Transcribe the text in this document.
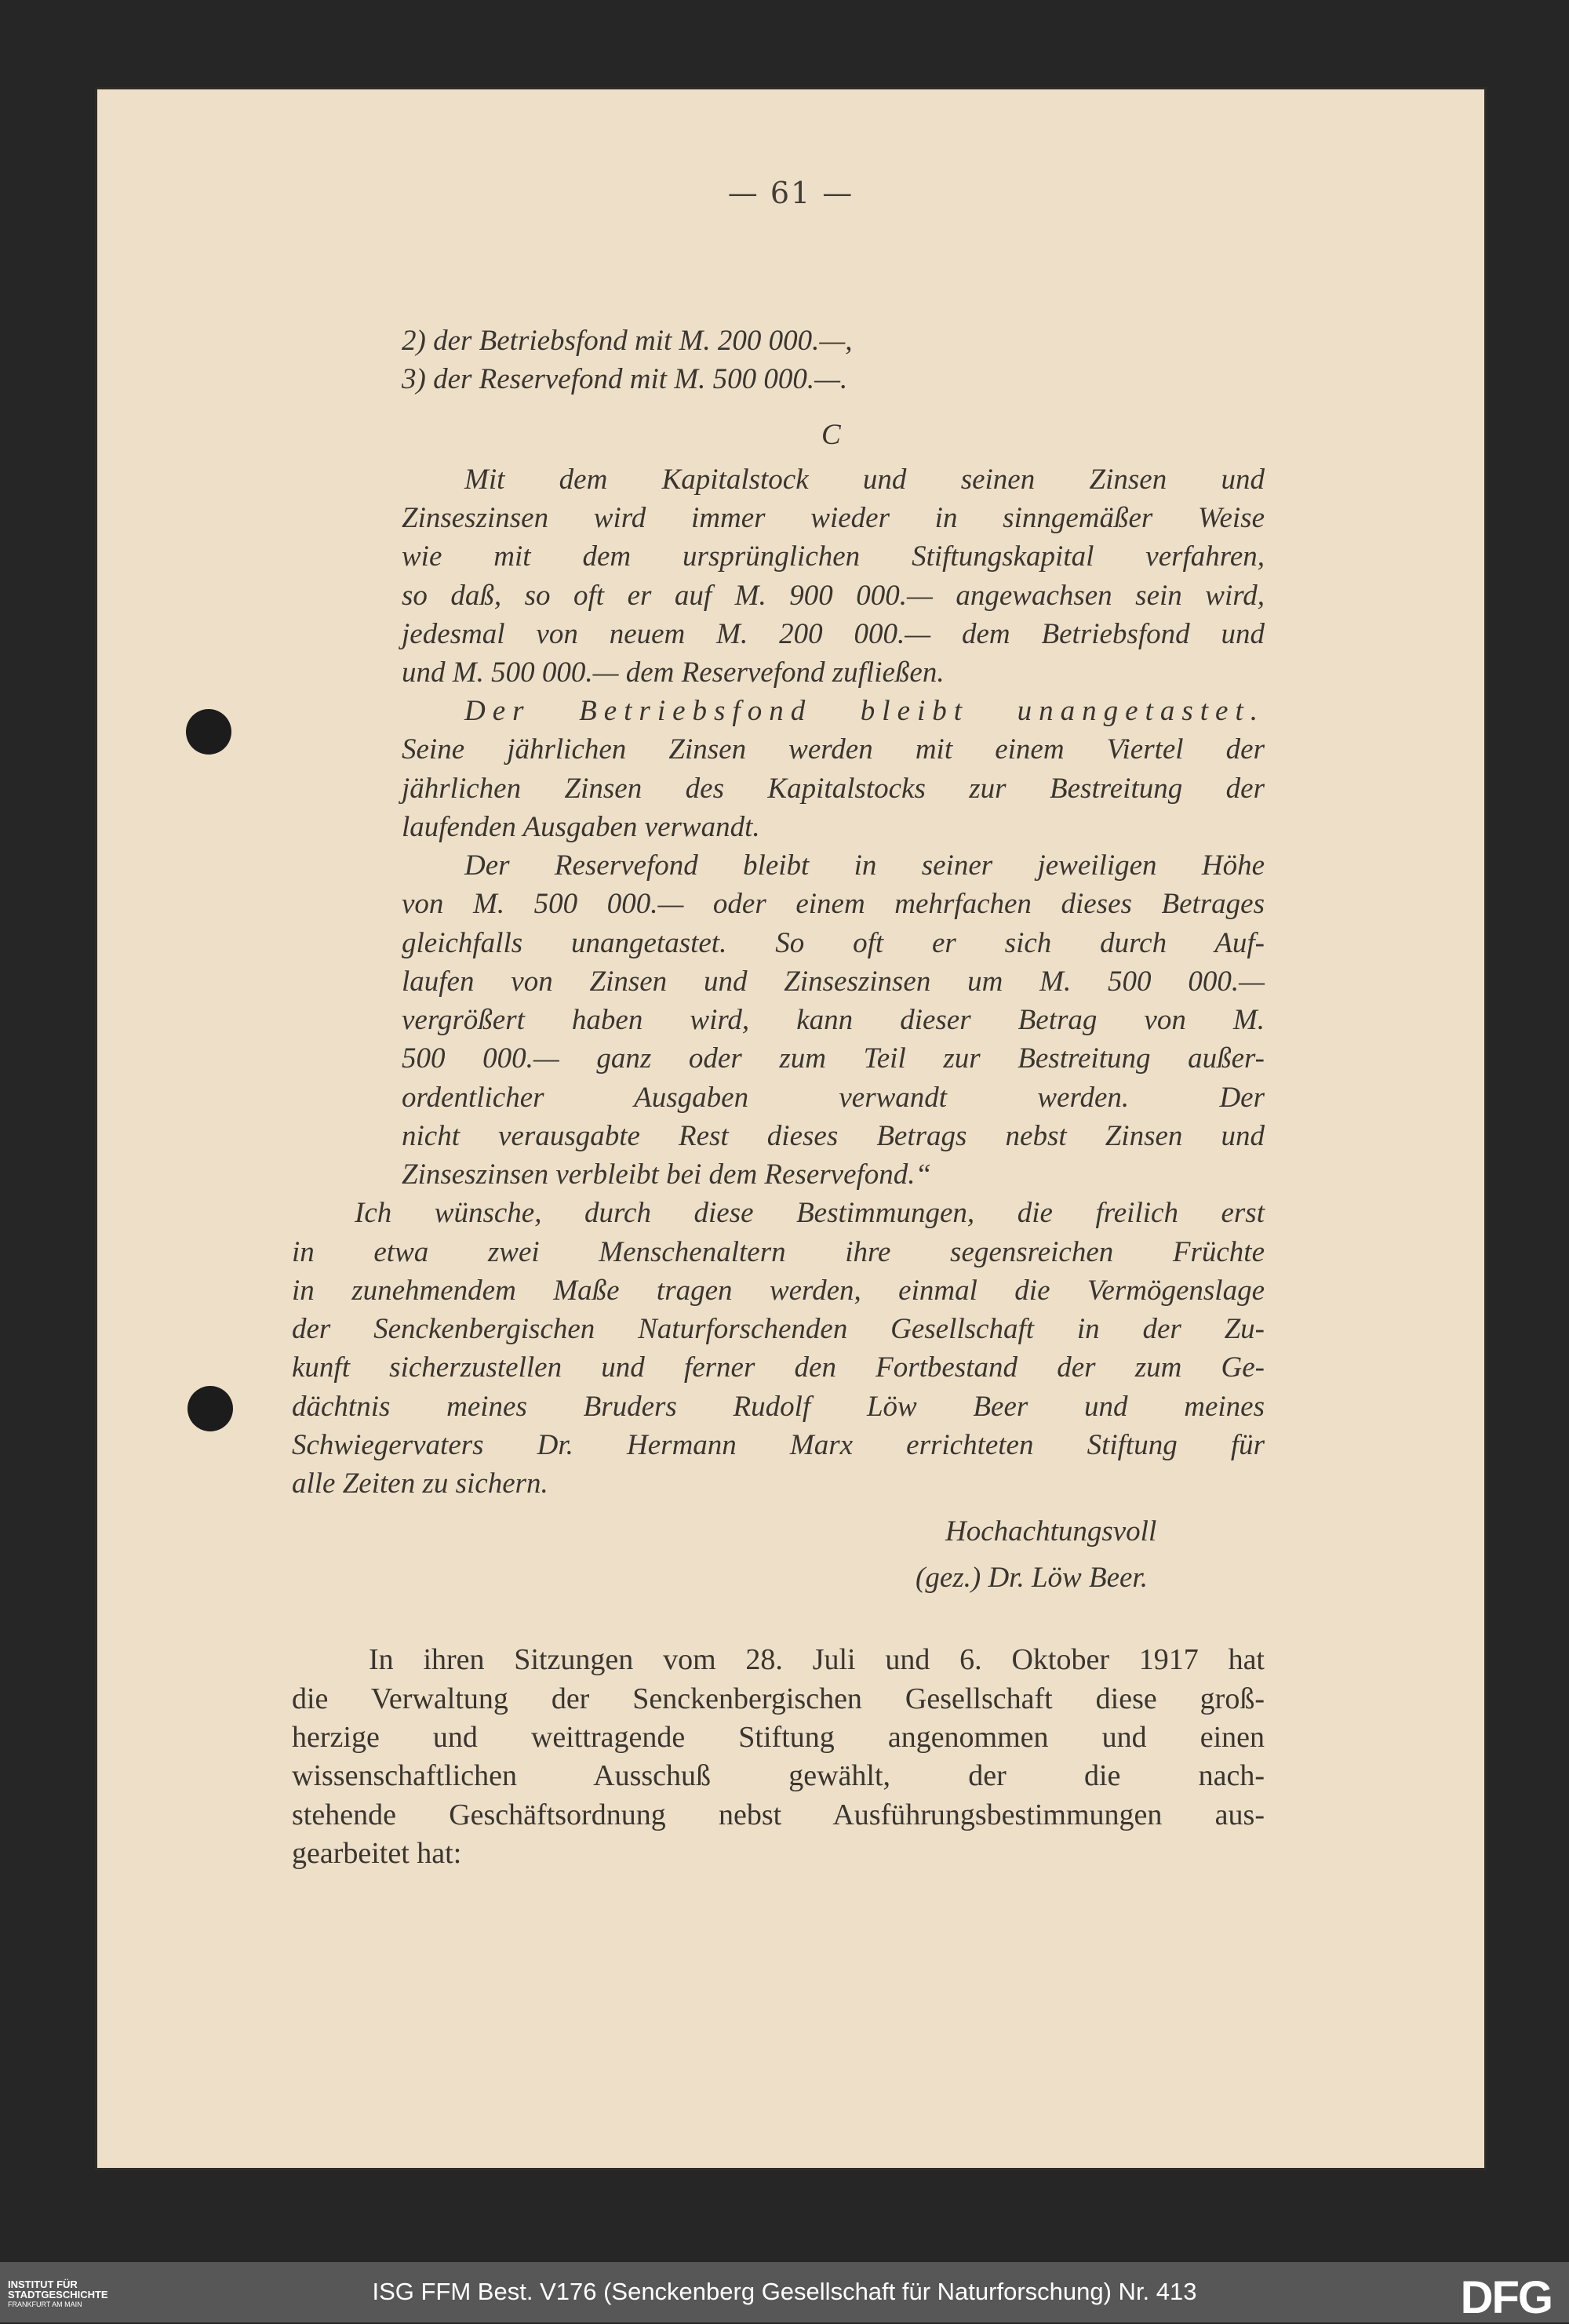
— 61 —
2) der Betriebsfond mit M. 200 000.—,
3) der Reservefond mit M. 500 000.—.
C
Mit dem Kapitalstock und seinen Zinsen und
Zinseszinsen wird immer wieder in sinngemäßer Weise
wie mit dem ursprünglichen Stiftungskapital verfahren,
so daß, so oft er auf M. 900 000.— angewachsen sein wird,
jedesmal von neuem M. 200 000.— dem Betriebsfond und
und M. 500 000.— dem Reservefond zufließen.
Der Betriebsfond bleibt unangetastet.
Seine jährlichen Zinsen werden mit einem Viertel der
jährlichen Zinsen des Kapitalstocks zur Bestreitung der
laufenden Ausgaben verwandt.
Der Reservefond bleibt in seiner jeweiligen Höhe
von M. 500 000.— oder einem mehrfachen dieses Betrages
gleichfalls unangetastet. So oft er sich durch Auf-
laufen von Zinsen und Zinseszinsen um M. 500 000.—
vergrößert haben wird, kann dieser Betrag von M.
500 000.— ganz oder zum Teil zur Bestreitung außer-
ordentlicher Ausgaben verwandt werden. Der
nicht verausgabte Rest dieses Betrags nebst Zinsen und
Zinseszinsen verbleibt bei dem Reservefond.“
Ich wünsche, durch diese Bestimmungen, die freilich erst
in etwa zwei Menschenaltern ihre segensreichen Früchte
in zunehmendem Maße tragen werden, einmal die Vermögenslage
der Senckenbergischen Naturforschenden Gesellschaft in der Zu-
kunft sicherzustellen und ferner den Fortbestand der zum Ge-
dächtnis meines Bruders Rudolf Löw Beer und meines
Schwiegervaters Dr. Hermann Marx errichteten Stiftung für
alle Zeiten zu sichern.
Hochachtungsvoll
(gez.) Dr. Löw Beer.
In ihren Sitzungen vom 28. Juli und 6. Oktober 1917 hat
die Verwaltung der Senckenbergischen Gesellschaft diese groß-
herzige und weittragende Stiftung angenommen und einen
wissenschaftlichen Ausschuß gewählt, der die nach-
stehende Geschäftsordnung nebst Ausführungsbestimmungen aus-
gearbeitet hat:
INSTITUT FÜR
STADTGESCHICHTE
FRANKFURT AM MAIN	ISG FFM Best. V176 (Senckenberg Gesellschaft für Naturforschung) Nr. 413	DFG
